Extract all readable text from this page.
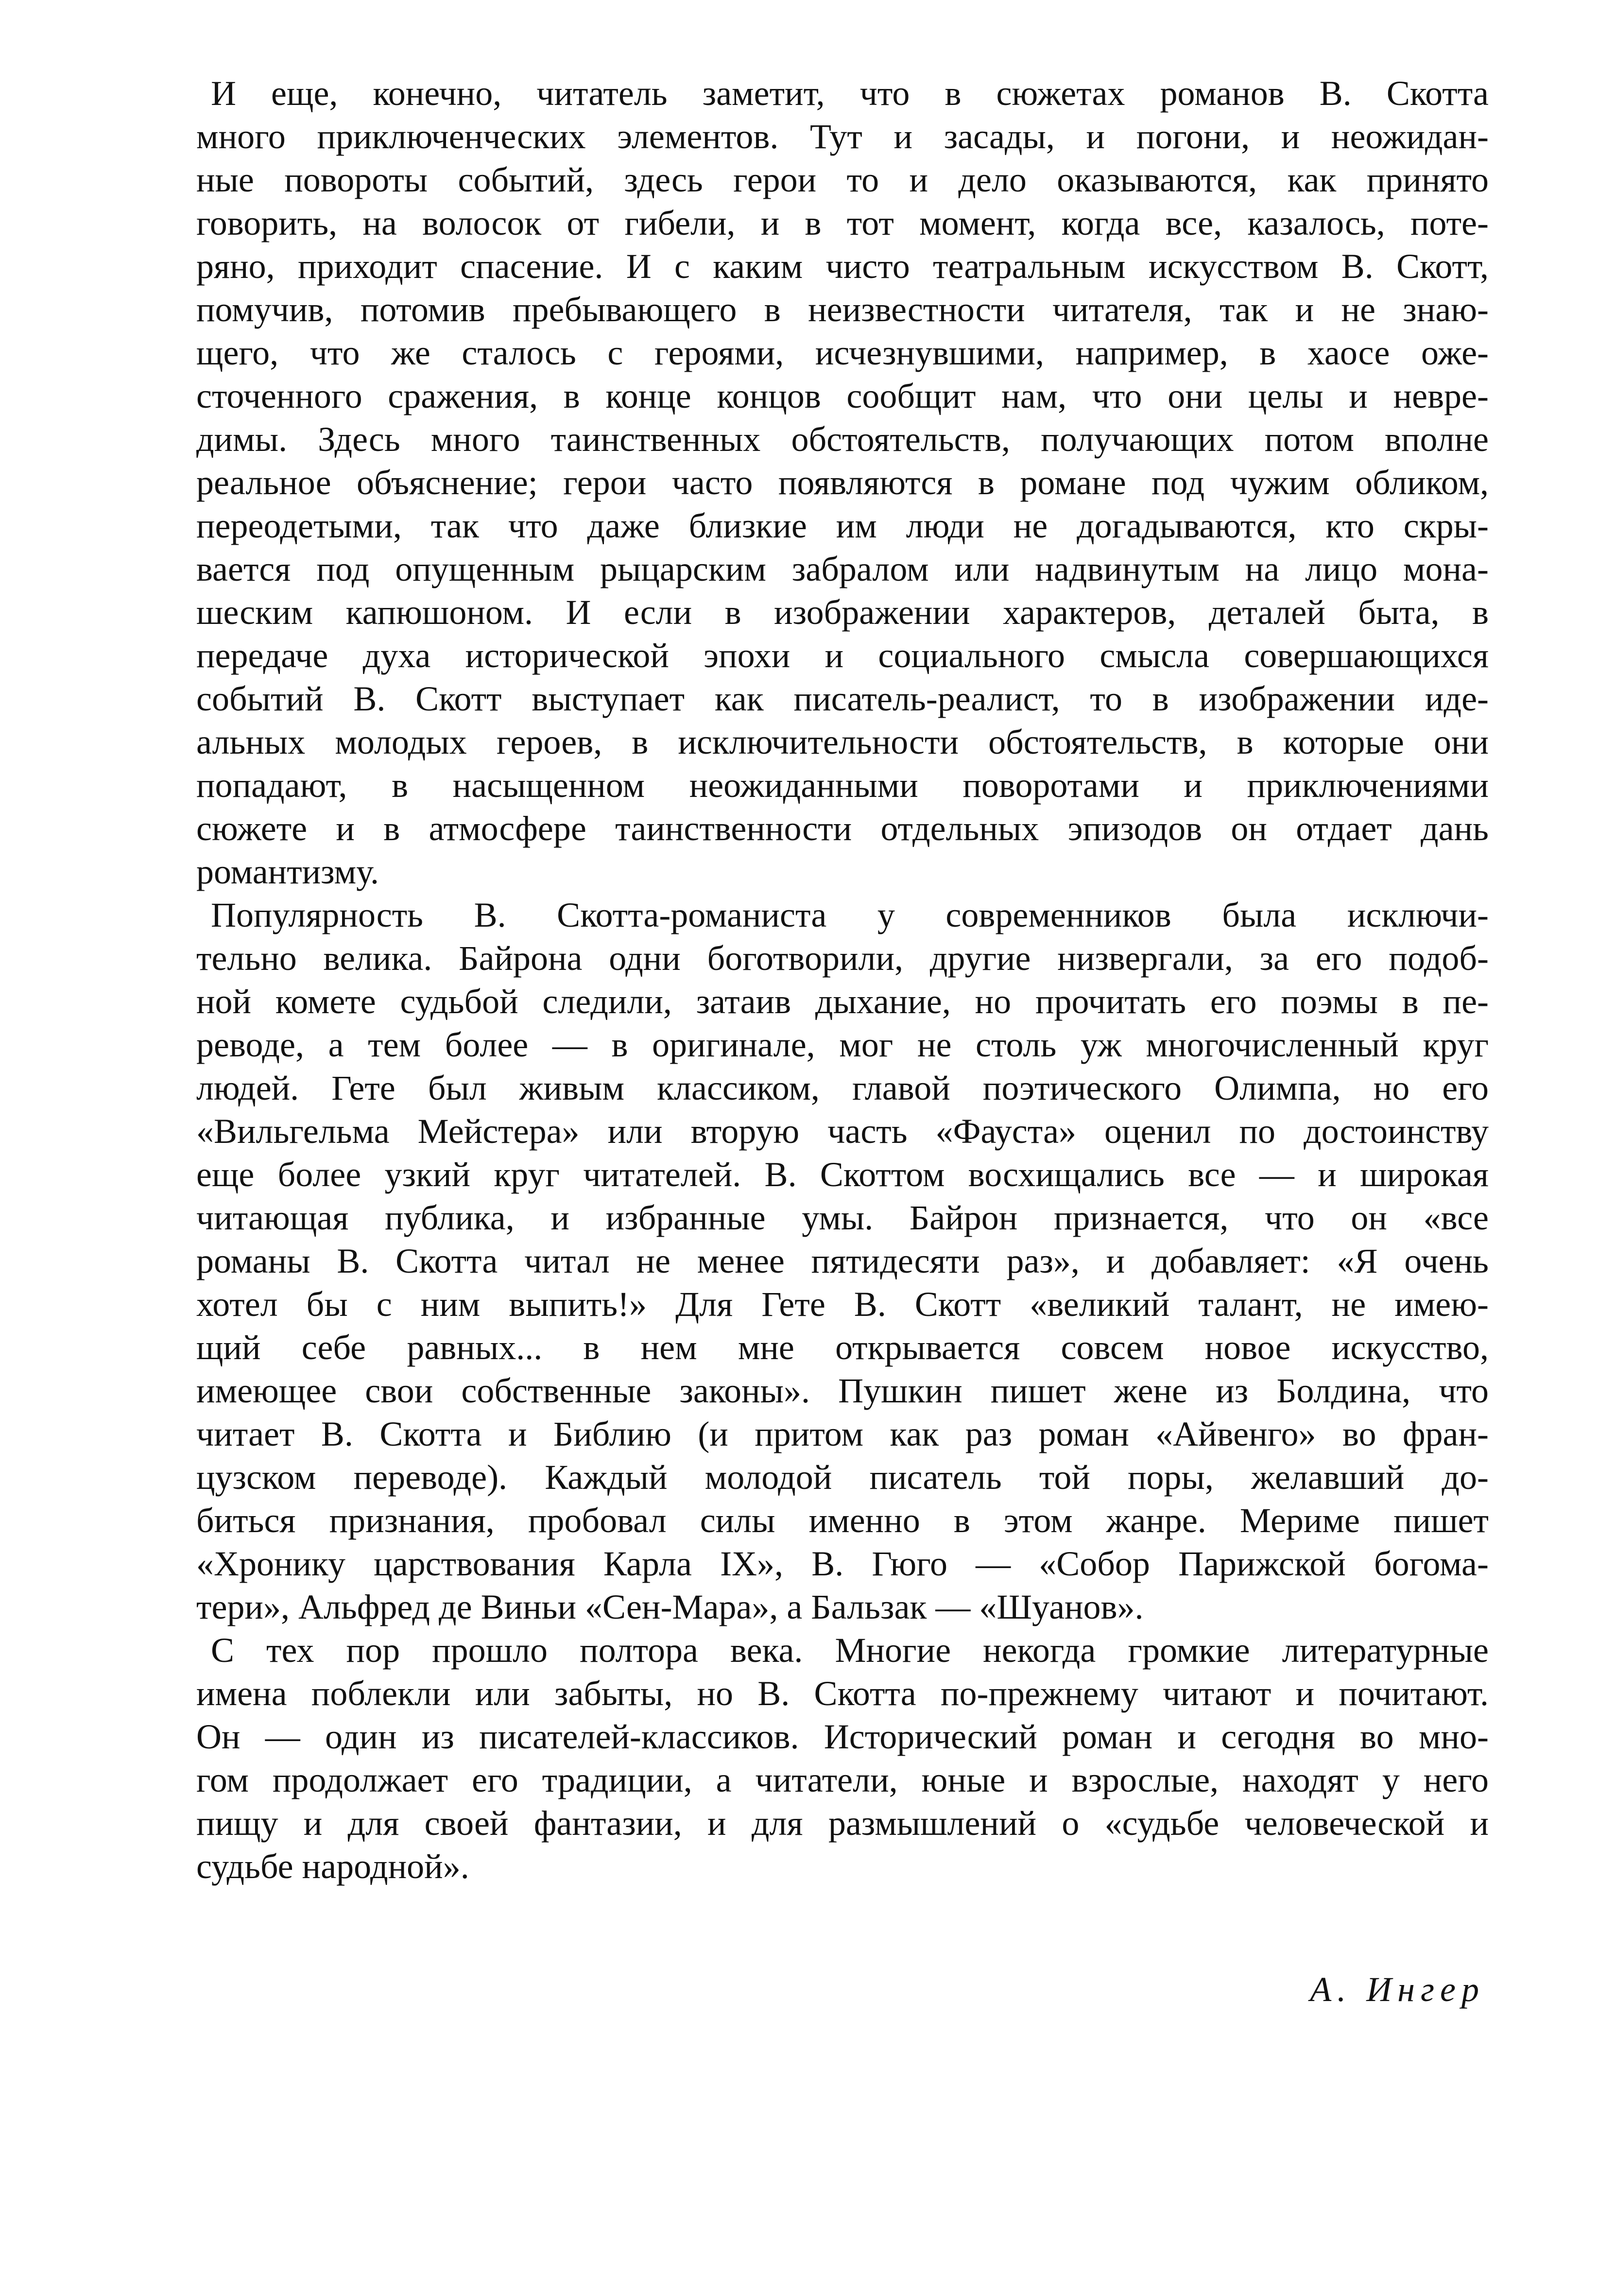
И еще, конечно, читатель заметит, что в сюжетах романов В. Скотта
много приключенческих элементов. Тут и засады, и погони, и неожидан-
ные повороты событий, здесь герои то и дело оказываются, как принято
говорить, на волосок от гибели, и в тот момент, когда все, казалось, поте-
ряно, приходит спасение. И с каким чисто театральным искусством В. Скотт,
помучив, потомив пребывающего в неизвестности читателя, так и не знаю-
щего, что же сталось с героями, исчезнувшими, например, в хаосе оже-
сточенного сражения, в конце концов сообщит нам, что они целы и невре-
димы. Здесь много таинственных обстоятельств, получающих потом вполне
реальное объяснение; герои часто появляются в романе под чужим обликом,
переодетыми, так что даже близкие им люди не догадываются, кто скры-
вается под опущенным рыцарским забралом или надвинутым на лицо мона-
шеским капюшоном. И если в изображении характеров, деталей быта, в
передаче духа исторической эпохи и социального смысла совершающихся
событий В. Скотт выступает как писатель-реалист, то в изображении иде-
альных молодых героев, в исключительности обстоятельств, в которые они
попадают, в насыщенном неожиданными поворотами и приключениями
сюжете и в атмосфере таинственности отдельных эпизодов он отдает дань
романтизму.
Популярность В. Скотта-романиста у современников была исключи-
тельно велика. Байрона одни боготворили, другие низвергали, за его подоб-
ной комете судьбой следили, затаив дыхание, но прочитать его поэмы в пе-
реводе, а тем более — в оригинале, мог не столь уж многочисленный круг
людей. Гете был живым классиком, главой поэтического Олимпа, но его
«Вильгельма Мейстера» или вторую часть «Фауста» оценил по достоинству
еще более узкий круг читателей. В. Скоттом восхищались все — и широкая
читающая публика, и избранные умы. Байрон признается, что он «все
романы В. Скотта читал не менее пятидесяти раз», и добавляет: «Я очень
хотел бы с ним выпить!» Для Гете В. Скотт «великий талант, не имею-
щий себе равных... в нем мне открывается совсем новое искусство,
имеющее свои собственные законы». Пушкин пишет жене из Болдина, что
читает В. Скотта и Библию (и притом как раз роман «Айвенго» во фран-
цузском переводе). Каждый молодой писатель той поры, желавший до-
биться признания, пробовал силы именно в этом жанре. Мериме пишет
«Хронику царствования Карла IX», В. Гюго — «Собор Парижской богома-
тери», Альфред де Виньи «Сен-Мара», а Бальзак — «Шуанов».
С тех пор прошло полтора века. Многие некогда громкие литературные
имена поблекли или забыты, но В. Скотта по-прежнему читают и почитают.
Он — один из писателей-классиков. Исторический роман и сегодня во мно-
гом продолжает его традиции, а читатели, юные и взрослые, находят у него
пищу и для своей фантазии, и для размышлений о «судьбе человеческой и
судьбе народной».
А. Ингер
